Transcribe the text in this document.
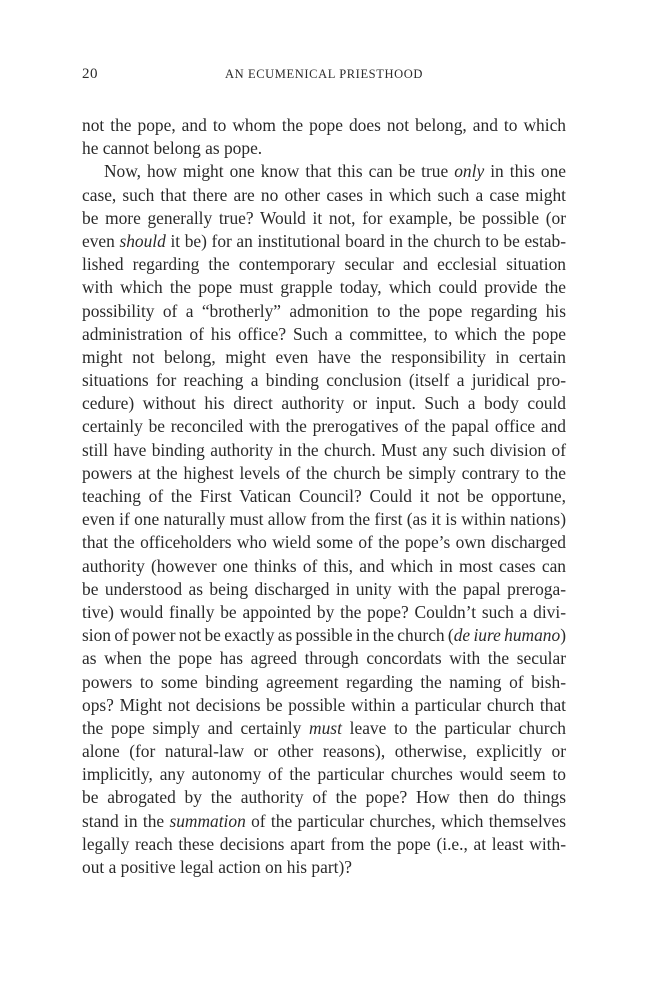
20	AN ECUMENICAL PRIESTHOOD
not the pope, and to whom the pope does not belong, and to which
he cannot belong as pope.
Now, how might one know that this can be true only in this one
case, such that there are no other cases in which such a case might
be more generally true? Would it not, for example, be possible (or
even should it be) for an institutional board in the church to be estab-
lished regarding the contemporary secular and ecclesial situation
with which the pope must grapple today, which could provide the
possibility of a “brotherly” admonition to the pope regarding his
administration of his office? Such a committee, to which the pope
might not belong, might even have the responsibility in certain
situations for reaching a binding conclusion (itself a juridical pro-
cedure) without his direct authority or input. Such a body could
certainly be reconciled with the prerogatives of the papal office and
still have binding authority in the church. Must any such division of
powers at the highest levels of the church be simply contrary to the
teaching of the First Vatican Council? Could it not be opportune,
even if one naturally must allow from the first (as it is within nations)
that the officeholders who wield some of the pope’s own discharged
authority (however one thinks of this, and which in most cases can
be understood as being discharged in unity with the papal preroga-
tive) would finally be appointed by the pope? Couldn’t such a divi-
sion of power not be exactly as possible in the church (de iure humano)
as when the pope has agreed through concordats with the secular
powers to some binding agreement regarding the naming of bish-
ops? Might not decisions be possible within a particular church that
the pope simply and certainly must leave to the particular church
alone (for natural-law or other reasons), otherwise, explicitly or
implicitly, any autonomy of the particular churches would seem to
be abrogated by the authority of the pope? How then do things
stand in the summation of the particular churches, which themselves
legally reach these decisions apart from the pope (i.e., at least with-
out a positive legal action on his part)?
